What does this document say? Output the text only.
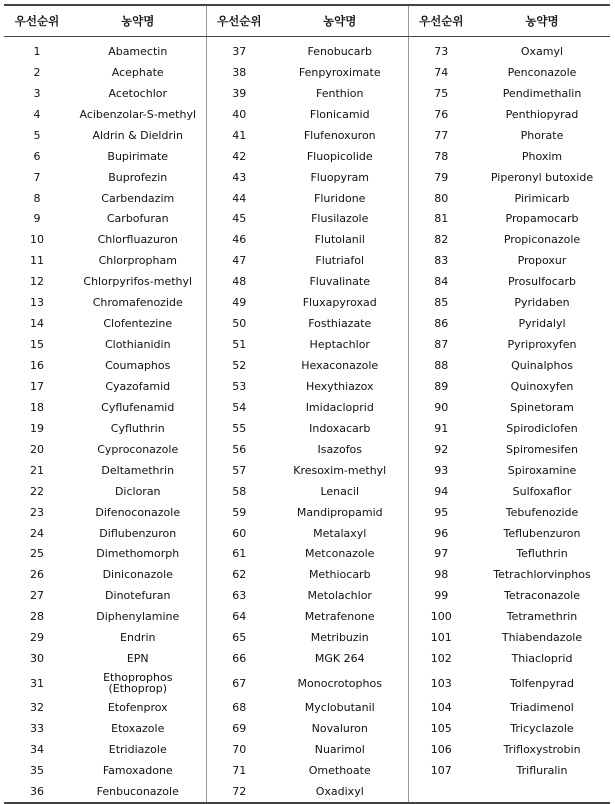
우선순위	농약명	우선순위	농약명	우선순위	농약명
1	Abamectin	37	Fenobucarb	73	Oxamyl
2	Acephate	38	Fenpyroximate	74	Penconazole
3	Acetochlor	39	Fenthion	75	Pendimethalin
4	Acibenzolar-S-methyl	40	Flonicamid	76	Penthiopyrad
5	Aldrin & Dieldrin	41	Flufenoxuron	77	Phorate
6	Bupirimate	42	Fluopicolide	78	Phoxim
7	Buprofezin	43	Fluopyram	79	Piperonyl butoxide
8	Carbendazim	44	Fluridone	80	Pirimicarb
9	Carbofuran	45	Flusilazole	81	Propamocarb
10	Chlorfluazuron	46	Flutolanil	82	Propiconazole
11	Chlorpropham	47	Flutriafol	83	Propoxur
12	Chlorpyrifos-methyl	48	Fluvalinate	84	Prosulfocarb
13	Chromafenozide	49	Fluxapyroxad	85	Pyridaben
14	Clofentezine	50	Fosthiazate	86	Pyridalyl
15	Clothianidin	51	Heptachlor	87	Pyriproxyfen
16	Coumaphos	52	Hexaconazole	88	Quinalphos
17	Cyazofamid	53	Hexythiazox	89	Quinoxyfen
18	Cyflufenamid	54	Imidacloprid	90	Spinetoram
19	Cyfluthrin	55	Indoxacarb	91	Spirodiclofen
20	Cyproconazole	56	Isazofos	92	Spiromesifen
21	Deltamethrin	57	Kresoxim-methyl	93	Spiroxamine
22	Dicloran	58	Lenacil	94	Sulfoxaflor
23	Difenoconazole	59	Mandipropamid	95	Tebufenozide
24	Diflubenzuron	60	Metalaxyl	96	Teflubenzuron
25	Dimethomorph	61	Metconazole	97	Tefluthrin
26	Diniconazole	62	Methiocarb	98	Tetrachlorvinphos
27	Dinotefuran	63	Metolachlor	99	Tetraconazole
28	Diphenylamine	64	Metrafenone	100	Tetramethrin
29	Endrin	65	Metribuzin	101	Thiabendazole
30	EPN	66	MGK 264	102	Thiacloprid
31	Ethoprophos
(Ethoprop)	67	Monocrotophos	103	Tolfenpyrad
32	Etofenprox	68	Myclobutanil	104	Triadimenol
33	Etoxazole	69	Novaluron	105	Tricyclazole
34	Etridiazole	70	Nuarimol	106	Trifloxystrobin
35	Famoxadone	71	Omethoate	107	Trifluralin
36	Fenbuconazole	72	Oxadixyl		
